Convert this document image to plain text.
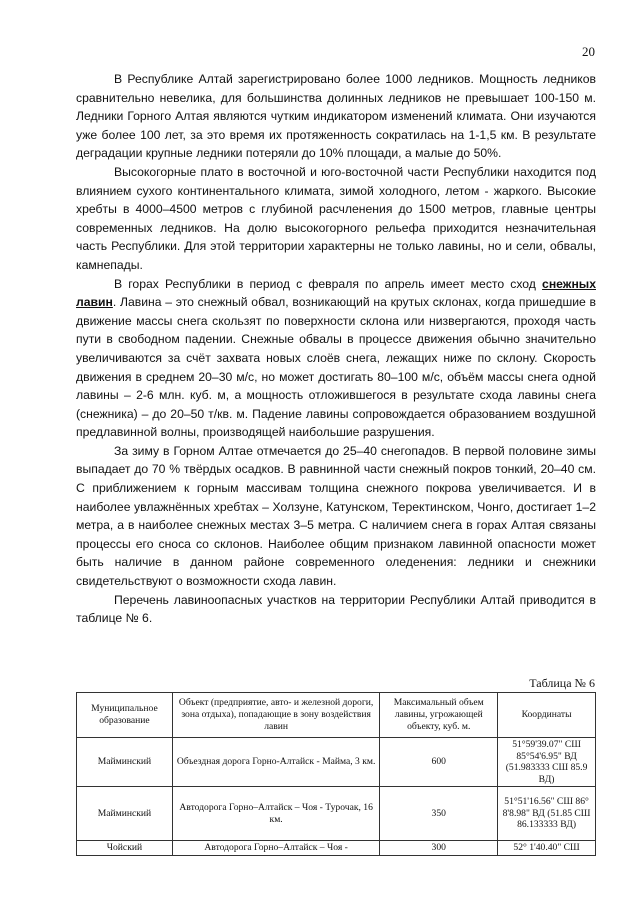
20

В Республике Алтай зарегистрировано более 1000 ледников. Мощность ледников сравнительно невелика, для большинства долинных ледников не превышает 100-150 м. Ледники Горного Алтая являются чутким индикатором изменений климата. Они изучаются уже более 100 лет, за это время их протяженность сократилась на 1-1,5 км. В результате деградации крупные ледники потеряли до 10% площади, а малые до 50%.

Высокогорные плато в восточной и юго-восточной части Республики находится под влиянием сухого континентального климата, зимой холодного, летом - жаркого. Высокие хребты в 4000–4500 метров с глубиной расчленения до 1500 метров, главные центры современных ледников. На долю высокогорного рельефа приходится незначительная часть Республики. Для этой территории характерны не только лавины, но и сели, обвалы, камнепады.

В горах Республики в период с февраля по апрель имеет место сход снежных лавин. Лавина – это снежный обвал, возникающий на крутых склонах, когда пришедшие в движение массы снега скользят по поверхности склона или низвергаются, проходя часть пути в свободном падении. Снежные обвалы в процессе движения обычно значительно увеличиваются за счёт захвата новых слоёв снега, лежащих ниже по склону. Скорость движения в среднем 20–30 м/с, но может достигать 80–100 м/с, объём массы снега одной лавины – 2-6 млн. куб. м, а мощность отложившегося в результате схода лавины снега (снежника) – до 20–50 т/кв. м. Падение лавины сопровождается образованием воздушной предлавинной волны, производящей наибольшие разрушения.

За зиму в Горном Алтае отмечается до 25–40 снегопадов. В первой половине зимы выпадает до 70 % твёрдых осадков. В равнинной части снежный покров тонкий, 20–40 см. С приближением к горным массивам толщина снежного покрова увеличивается. И в наиболее увлажнённых хребтах – Холзуне, Катунском, Теректинском, Чонго, достигает 1–2 метра, а в наиболее снежных местах 3–5 метра. С наличием снега в горах Алтая связаны процессы его сноса со склонов. Наиболее общим признаком лавинной опасности может быть наличие в данном районе современного оледенения: ледники и снежники свидетельствуют о возможности схода лавин.

Перечень лавиноопасных участков на территории Республики Алтай приводится в таблице № 6.

Таблица № 6
Муниципальное образование	Объект (предприятие, авто- и железной дороги, зона отдыха), попадающие в зону воздействия лавин	Максимальный объем лавины, угрожающей объекту, куб. м.	Координаты
Майминский	Объездная дорога Горно-Алтайск - Майма, 3 км.	600	51°59'39.07" СШ 85°54'6.95" ВД (51.983333 СШ 85.9 ВД)
Майминский	Автодорога Горно–Алтайск – Чоя - Турочак, 16 км.	350	51°51'16.56" СШ 86° 8'8.98" ВД (51.85 СШ 86.133333 ВД)
Чойский	Автодорога Горно–Алтайск – Чоя -	300	52° 1'40.40" СШ
